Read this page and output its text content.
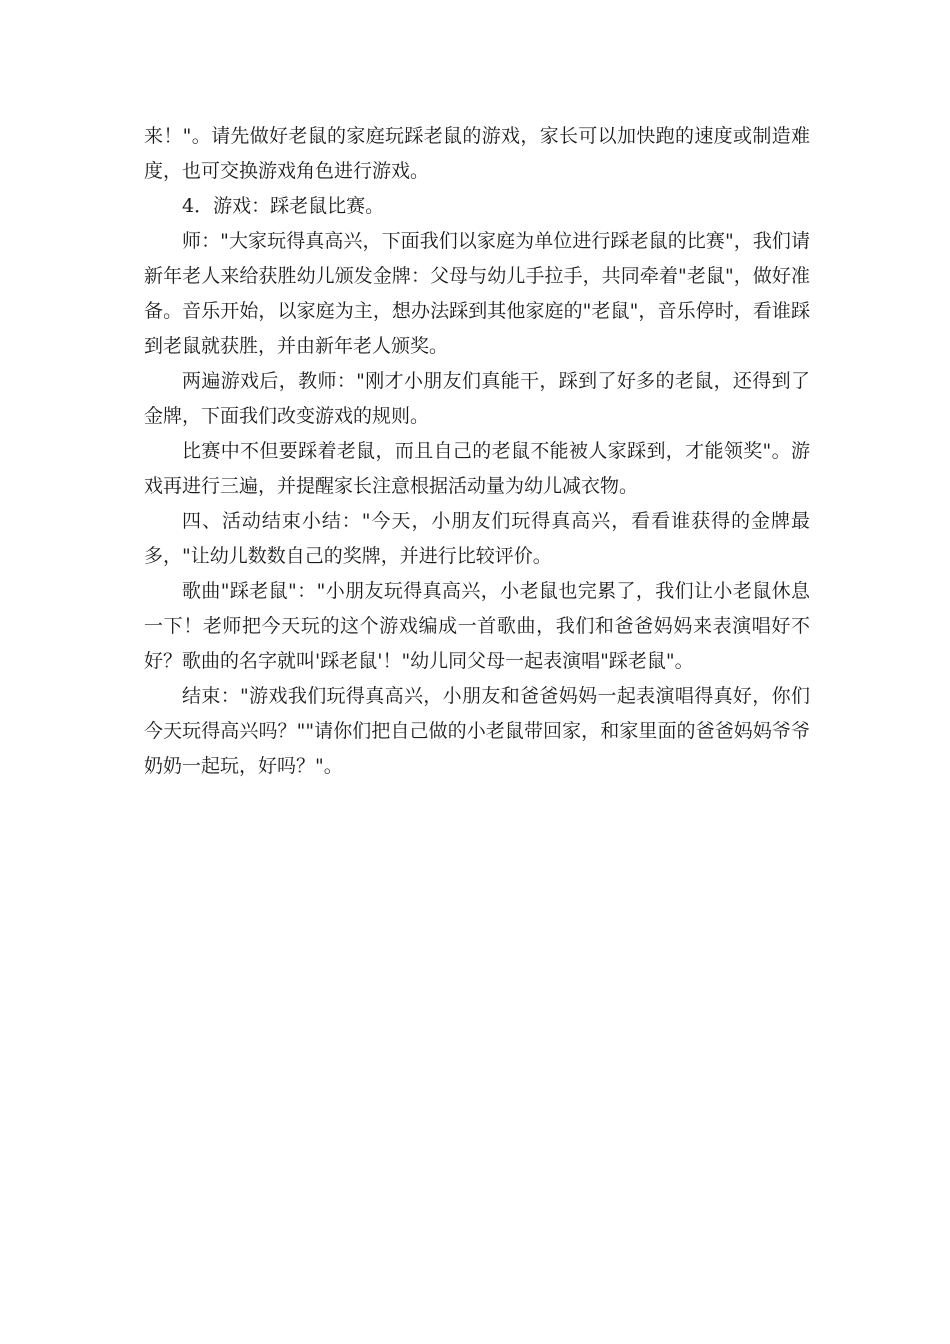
来！"。请先做好老鼠的家庭玩踩老鼠的游戏，家长可以加快跑的速度或制造难度，也可交换游戏角色进行游戏。

4．游戏：踩老鼠比赛。

师："大家玩得真高兴，下面我们以家庭为单位进行踩老鼠的比赛"，我们请新年老人来给获胜幼儿颁发金牌：父母与幼儿手拉手，共同牵着"老鼠"，做好准备。音乐开始，以家庭为主，想办法踩到其他家庭的"老鼠"，音乐停时，看谁踩到老鼠就获胜，并由新年老人颁奖。

两遍游戏后，教师："刚才小朋友们真能干，踩到了好多的老鼠，还得到了金牌，下面我们改变游戏的规则。

比赛中不但要踩着老鼠，而且自己的老鼠不能被人家踩到，才能领奖"。游戏再进行三遍，并提醒家长注意根据活动量为幼儿减衣物。

四、活动结束小结："今天，小朋友们玩得真高兴，看看谁获得的金牌最多，"让幼儿数数自己的奖牌，并进行比较评价。

歌曲"踩老鼠"："小朋友玩得真高兴，小老鼠也完累了，我们让小老鼠休息一下！老师把今天玩的这个游戏编成一首歌曲，我们和爸爸妈妈来表演唱好不好？歌曲的名字就叫'踩老鼠'！"幼儿同父母一起表演唱"踩老鼠"。

结束："游戏我们玩得真高兴，小朋友和爸爸妈妈一起表演唱得真好，你们今天玩得高兴吗？""请你们把自己做的小老鼠带回家，和家里面的爸爸妈妈爷爷奶奶一起玩，好吗？"。
